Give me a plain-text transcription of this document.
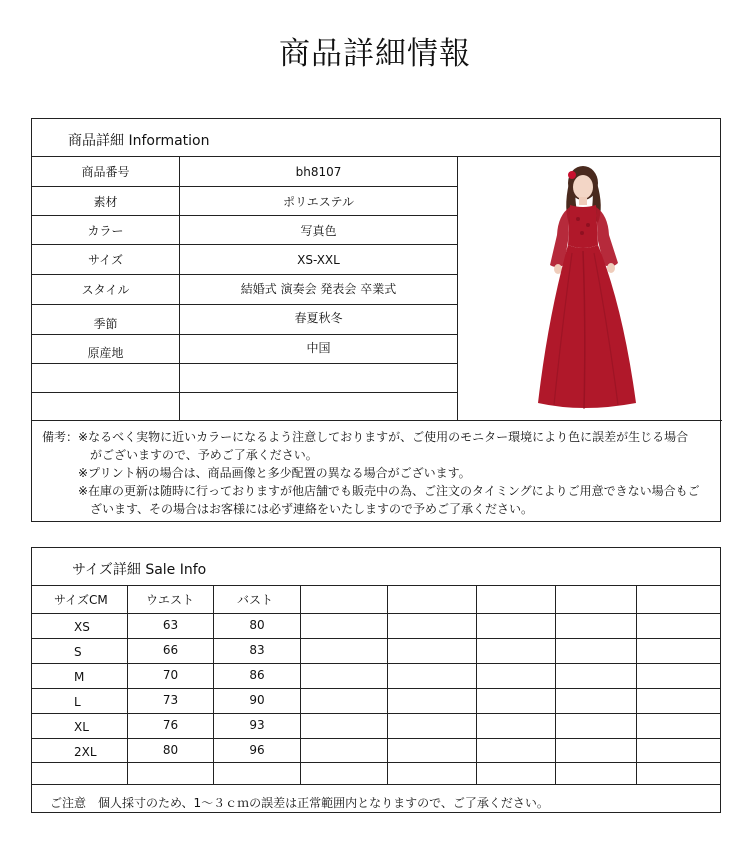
商品詳細情報
商品詳細 Information
商品番号	bh8107
素材	ポリエステル
カラー	写真色
サイズ	XS-XXL
スタイル	結婚式 演奏会 発表会 卒業式
季節	春夏秋冬
原産地	中国
備考：※なるべく実物に近いカラーになるよう注意しておりますが、ご使用のモニター環境により色に誤差が生じる場合
がございますので、予めご了承ください。
※プリント柄の場合は、商品画像と多少配置の異なる場合がございます。
※在庫の更新は随時に行っておりますが他店舗でも販売中の為、ご注文のタイミングによりご用意できない場合もご
ざいます、その場合はお客様には必ず連絡をいたしますので予めご了承ください。
サイズ詳細 Sale Info
サイズCM	ウエスト	バスト
XS	63	80
S	66	83
M	70	86
L	73	90
XL	76	93
2XL	80	96
ご注意　個人採寸のため、1～３ｃｍの誤差は正常範囲内となりますので、ご了承ください。
